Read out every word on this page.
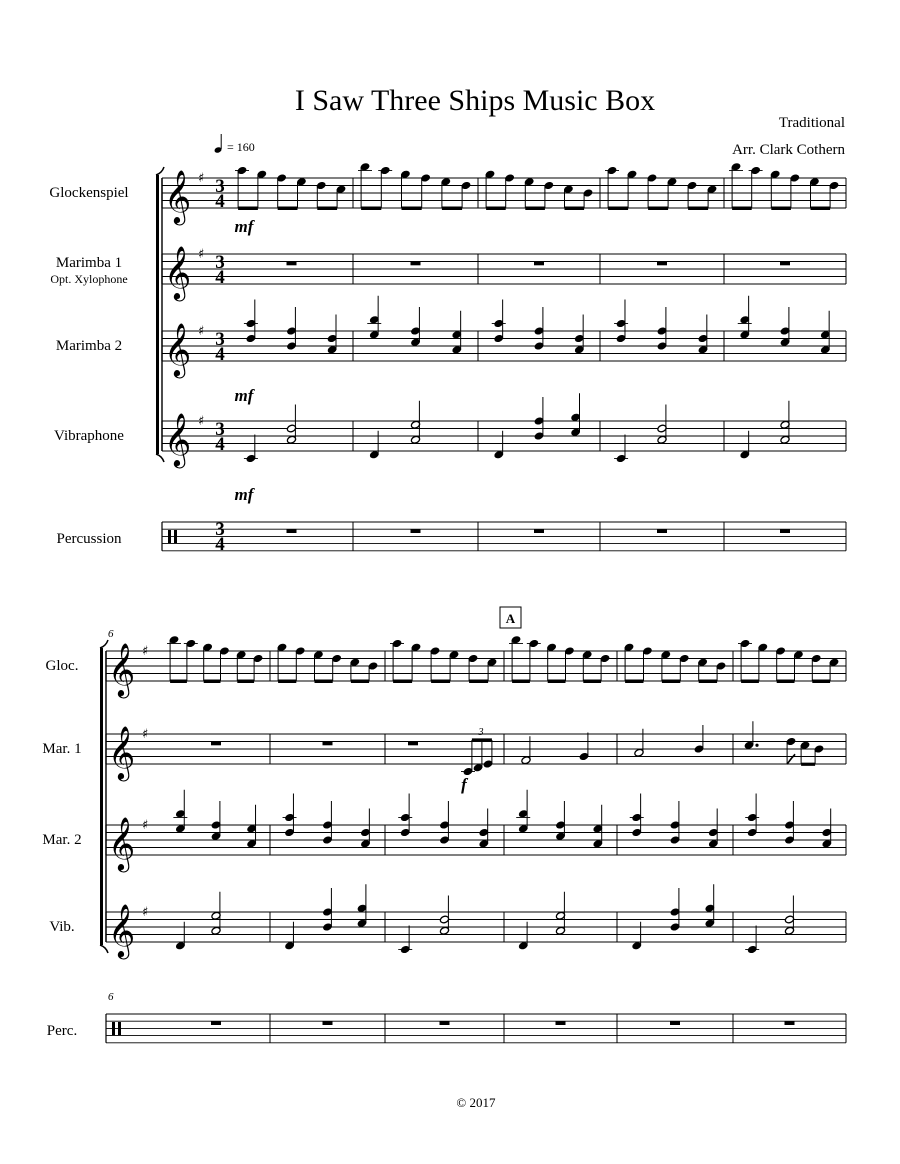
I Saw Three Ships Music Box
Traditional
Arr. Clark Cothern
= 160
Glockenspiel
Marimba 1
Opt. Xylophone
Marimba 2
Vibraphone
Percussion
𝄞 ♯ 3
4
𝄞 ♯ 3
4
𝄞 ♯ 3
4
𝄞 ♯ 3
4
3
4
mf
mf
mf
Gloc.
Mar. 1
Mar. 2
Vib.
Perc.
𝄞 ♯
𝄞 ♯
𝄞 ♯
𝄞 ♯
3
f
6
6
A
© 2017
